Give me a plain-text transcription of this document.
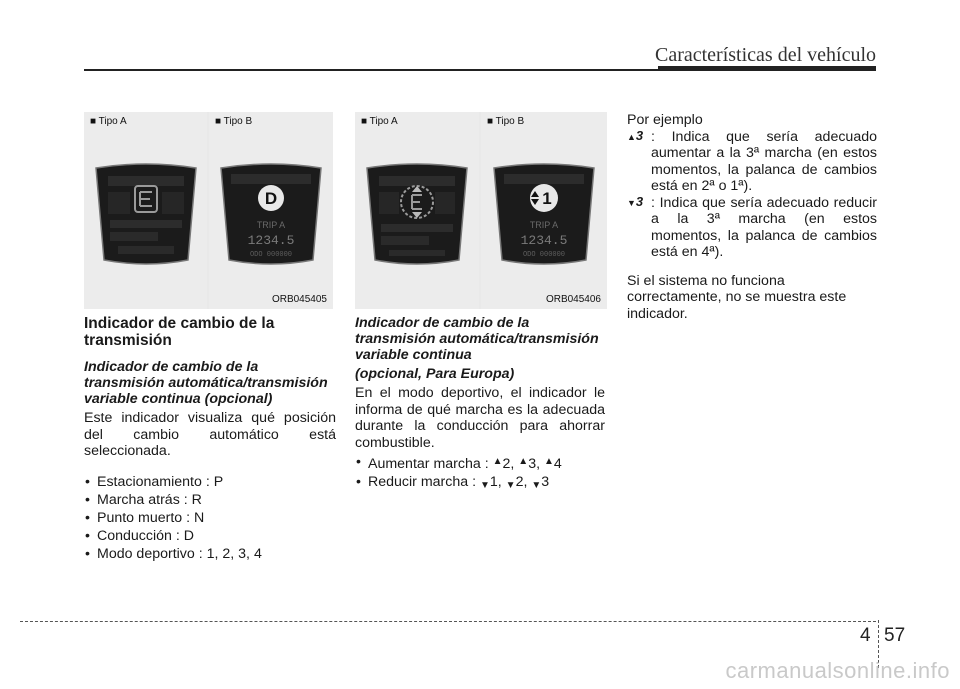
Características del vehículo
■ Tipo A	■ Tipo B
D
TRIP A
1234.5
ODO 000000
ORB045405
■ Tipo A	■ Tipo B
1
TRIP A
1234.5
ODO 000000
ORB045406
Indicador de cambio de la transmisión
Indicador de cambio de la transmisión automática/transmisión variable continua (opcional)
Este indicador visualiza qué posición del cambio automático está seleccionada.
• Estacionamiento : P
• Marcha atrás : R
• Punto muerto : N
• Conducción : D
• Modo deportivo : 1, 2, 3, 4
Indicador de cambio de la transmisión automática/transmisión variable continua
(opcional, Para Europa)
En el modo deportivo, el indicador le informa de qué marcha es la adecuada durante la conducción para ahorrar combustible.
• Aumentar marcha : ▲2, ▲3, ▲4
• Reducir marcha : ▼1, ▼2, ▼3
Por ejemplo
▲3 : Indica que sería adecuado aumentar a la 3ª marcha (en estos momentos, la palanca de cambios está en 2ª o 1ª).
▼3 : Indica que sería adecuado reducir a la 3ª marcha (en estos momentos, la palanca de cambios está en 4ª).
Si el sistema no funciona correctamente, no se muestra este indicador.
4 57
carmanualsonline.info
